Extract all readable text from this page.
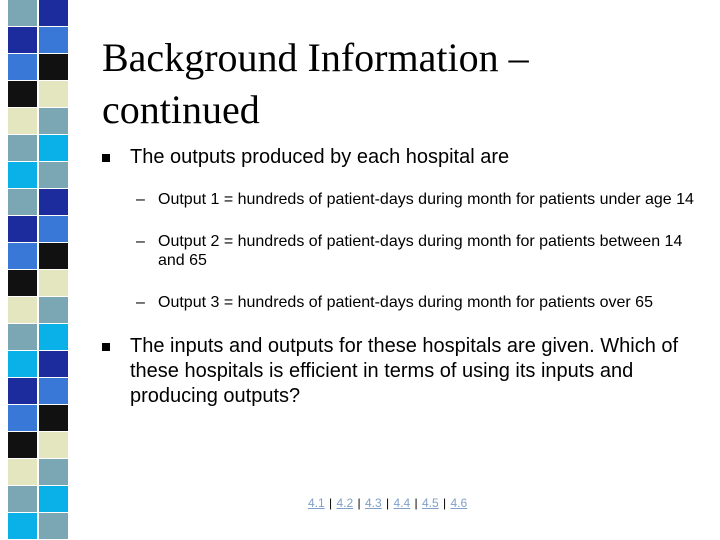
Background Information – continued
The outputs produced by each hospital are
– Output 1 = hundreds of patient-days during month for patients under age 14
– Output 2 = hundreds of patient-days during month for patients between 14 and 65
– Output 3 = hundreds of patient-days during month for patients over 65
The inputs and outputs for these hospitals are given. Which of these hospitals is efficient in terms of using its inputs and producing outputs?
4.1 | 4.2 | 4.3 | 4.4 | 4.5 | 4.6
